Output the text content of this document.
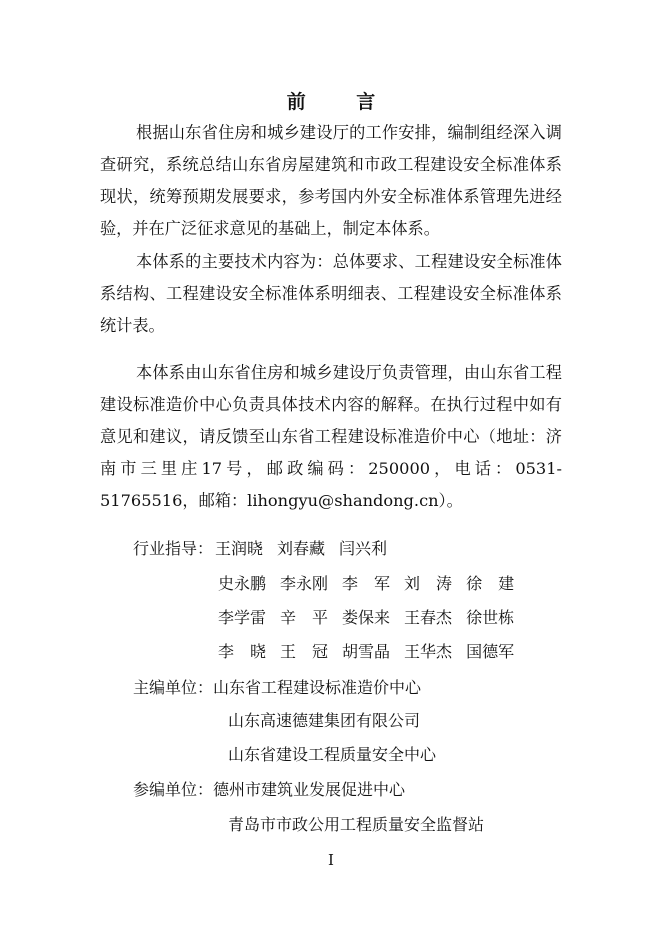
前 言

根据山东省住房和城乡建设厅的工作安排，编制组经深入调查研究，系统总结山东省房屋建筑和市政工程建设安全标准体系现状，统筹预期发展要求，参考国内外安全标准体系管理先进经验，并在广泛征求意见的基础上，制定本体系。

本体系的主要技术内容为：总体要求、工程建设安全标准体系结构、工程建设安全标准体系明细表、工程建设安全标准体系统计表。

本体系由山东省住房和城乡建设厅负责管理，由山东省工程建设标准造价中心负责具体技术内容的解释。在执行过程中如有意见和建议，请反馈至山东省工程建设标准造价中心（地址：济南市三里庄17号，邮政编码：250000，电话：0531-51765516，邮箱：lihongyu@shandong.cn）。

行业指导： 王润晓 刘春藏 闫兴利
史永鹏 李永刚 李　军 刘　涛 徐　建
李学雷 辛　平 娄保来 王春杰 徐世栋
李　晓 王　冠 胡雪晶 王华杰 国德军
主编单位：山东省工程建设标准造价中心
山东高速德建集团有限公司
山东省建设工程质量安全中心
参编单位：德州市建筑业发展促进中心
青岛市市政公用工程质量安全监督站
I
